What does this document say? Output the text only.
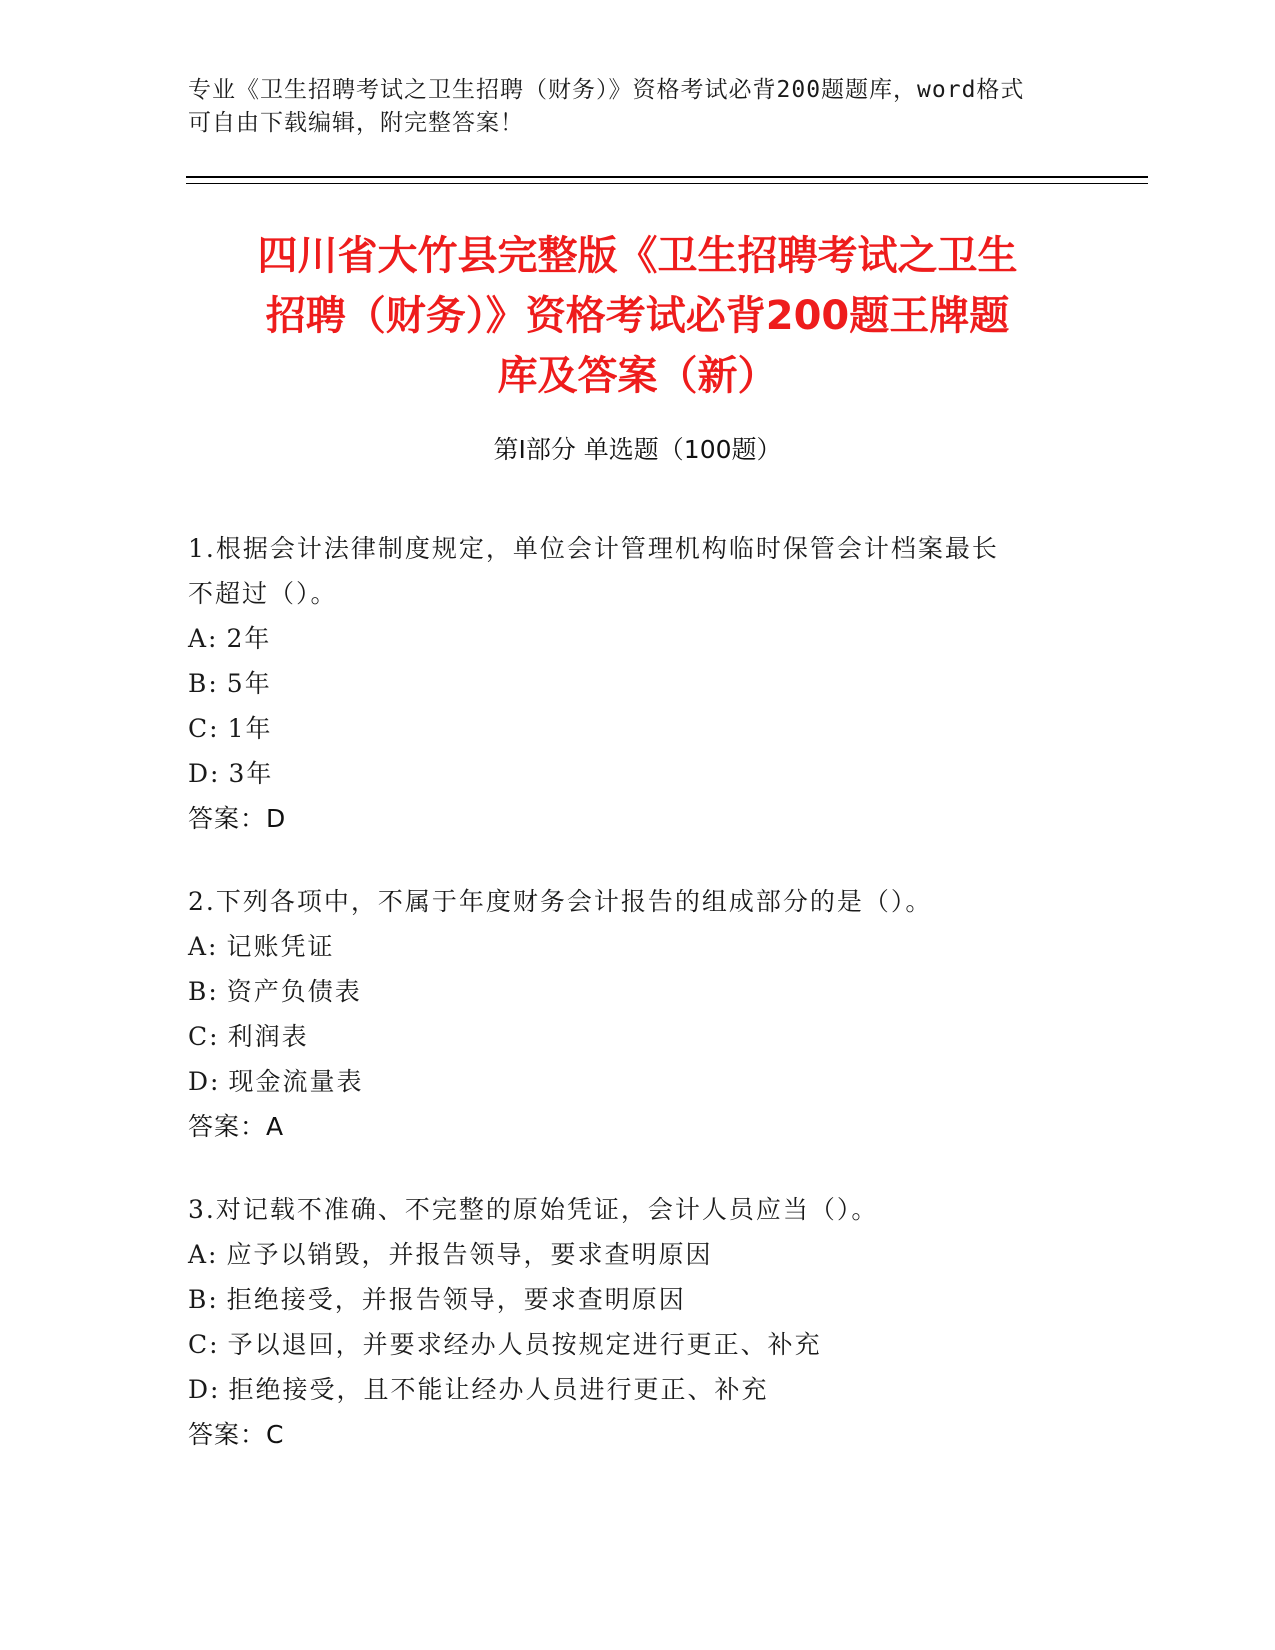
专业《卫生招聘考试之卫生招聘（财务）》资格考试必背200题题库，word格式
可自由下载编辑，附完整答案！
四川省大竹县完整版《卫生招聘考试之卫生
招聘（财务）》资格考试必背200题王牌题
库及答案（新）
第Ⅰ部分 单选题（100题）
1.根据会计法律制度规定，单位会计管理机构临时保管会计档案最长
不超过（）。
A: 2年
B: 5年
C: 1年
D: 3年
答案：D
2.下列各项中，不属于年度财务会计报告的组成部分的是（）。
A: 记账凭证
B: 资产负债表
C: 利润表
D: 现金流量表
答案：A
3.对记载不准确、不完整的原始凭证，会计人员应当（）。
A: 应予以销毁，并报告领导，要求查明原因
B: 拒绝接受，并报告领导，要求查明原因
C: 予以退回，并要求经办人员按规定进行更正、补充
D: 拒绝接受，且不能让经办人员进行更正、补充
答案：C
